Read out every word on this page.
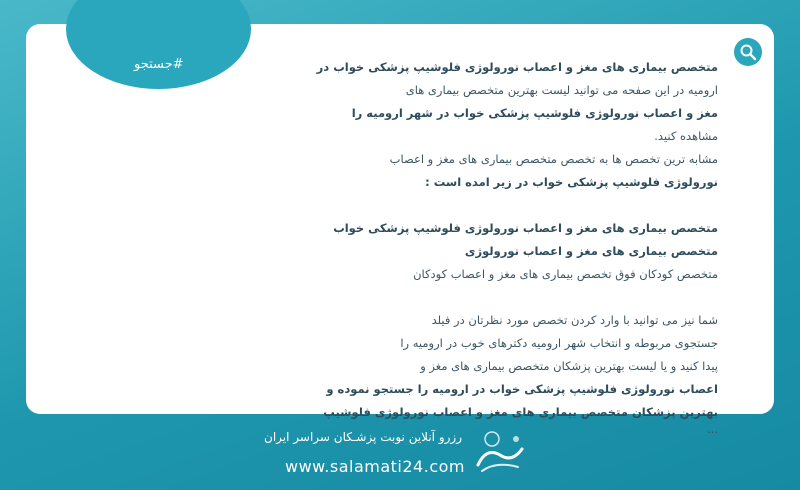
#جستجو	متخصص بیماری های مغز و اعصاب نورولوژی فلوشیپ پزشکی خواب در
ارومیه در این صفحه می توانید لیست بهترین متخصص بیماری های
مغز و اعصاب نورولوژی فلوشیپ پزشکی خواب در شهر ارومیه را
مشاهده کنید.
مشابه ترین تخصص ها به تخصص متخصص بیماری های مغز و اعصاب
نورولوژی فلوشیپ پزشکی خواب در زیر امده است :
متخصص بیماری های مغز و اعصاب نورولوژی فلوشیپ پزشکی خواب
متخصص بیماری های مغز و اعصاب نورولوژی
متخصص کودکان فوق تخصص بیماری های مغز و اعصاب کودکان
شما نیز می توانید با وارد کردن تخصص مورد نظرتان در فیلد
جستجوی مربوطه و انتخاب شهر ارومیه دکترهای خوب در ارومیه را
پیدا کنید و یا لیست بهترین پزشکان متخصص بیماری های مغز و
اعصاب نورولوژی فلوشیپ پزشکی خواب در ارومیه را جستجو نموده و
بهترین پزشکان متخصص بیماری های مغز و اعصاب نورولوژی فلوشیپ
...
رزرو آنلاین نوبت پزشـکان سراسر ایران
www.salamati24.com
